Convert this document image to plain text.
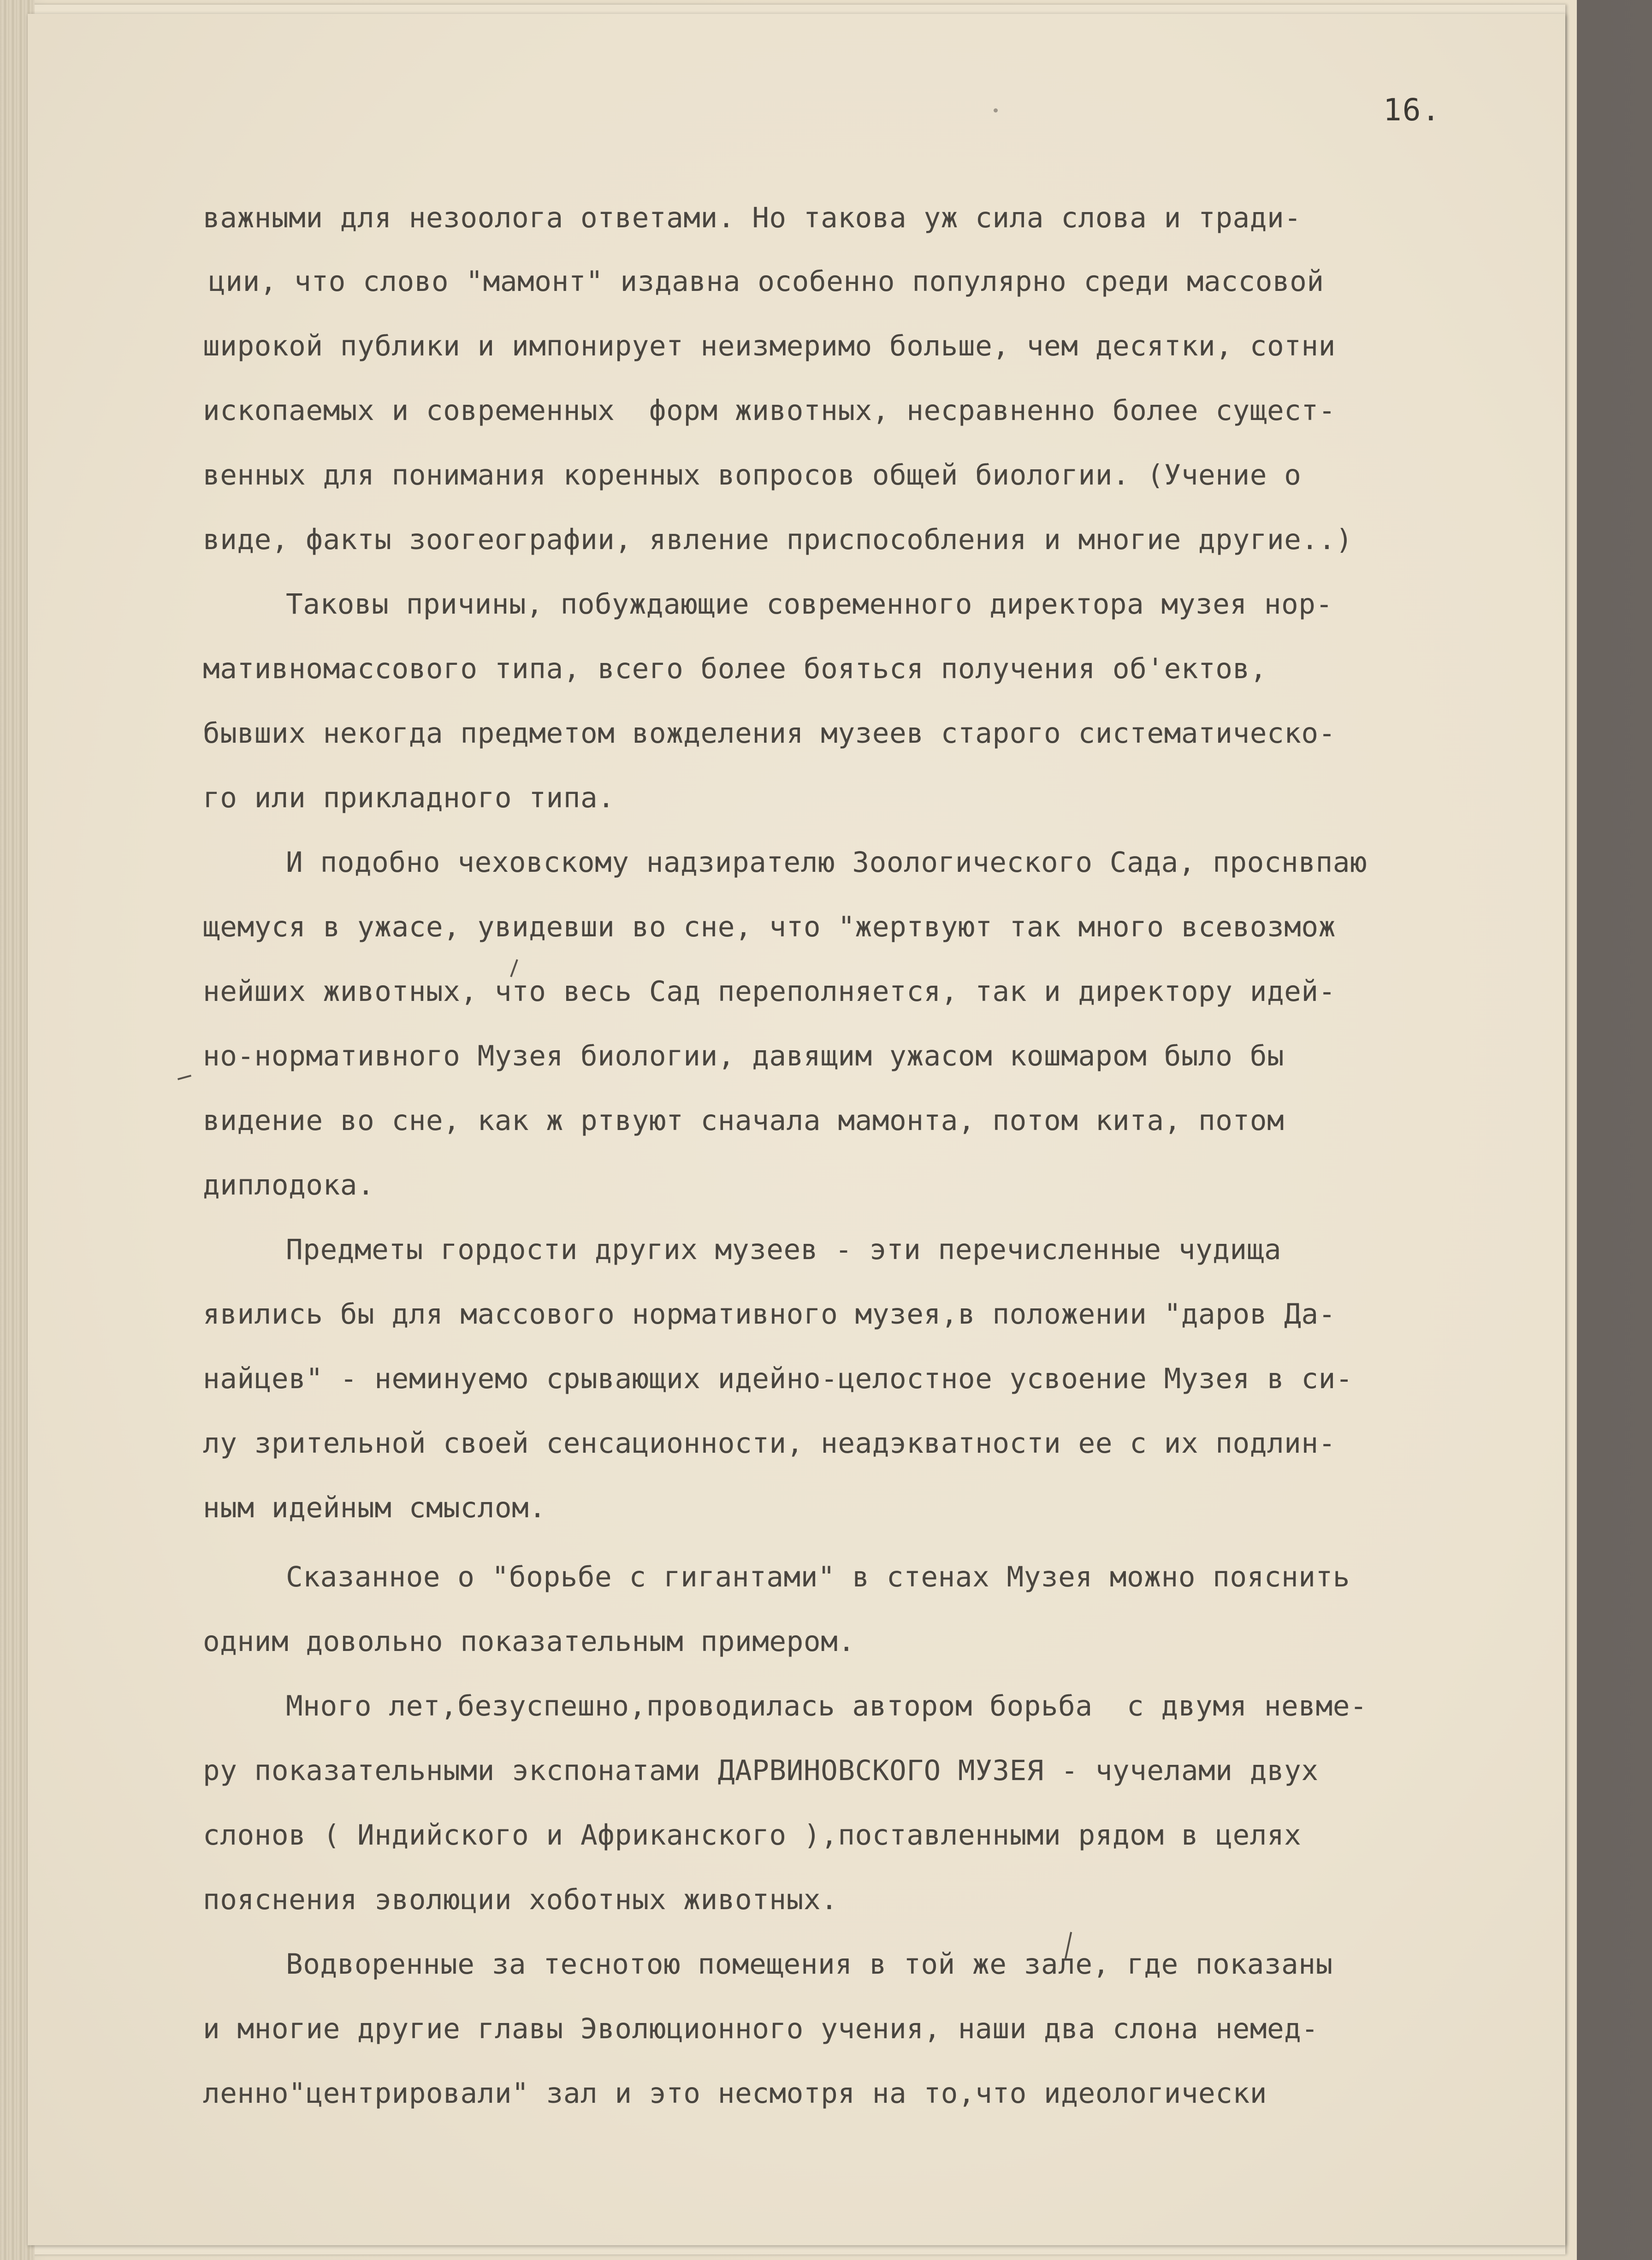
16.
важными для незоолога ответами. Но такова уж сила слова и тради-
ции, что слово "мамонт" издавна особенно популярно среди массовой
широкой публики и импонирует неизмеримо больше, чем десятки, сотни
ископаемых и современных  форм животных, несравненно более сущест-
венных для понимания коренных вопросов общей биологии. (Учение о
виде, факты зоогеографии, явление приспособления и многие другие..)
Таковы причины, побуждающие современного директора музея нор-
мативномассового типа, всего более бояться получения об'ектов,
бывших некогда предметом вожделения музеев старого систематическо-
го или прикладного типа.
И подобно чеховскому надзирателю Зоологического Сада, проснвпаю
щемуся в ужасе, увидевши во сне, что "жертвуют так много всевозмож
нейших животных, что весь Сад переполняется, так и директору идей-
но-нормативного Музея биологии, давящим ужасом кошмаром было бы
видение во сне, как ж ртвуют сначала мамонта, потом кита, потом
диплодока.
Предметы гордости других музеев - эти перечисленные чудища
явились бы для массового нормативного музея,в положении "даров Да-
найцев" - неминуемо срывающих идейно-целостное усвоение Музея в си-
лу зрительной своей сенсационности, неадэкватности ее с их подлин-
ным идейным смыслом.
Сказанное о "борьбе с гигантами" в стенах Музея можно пояснить
одним довольно показательным примером.
Много лет,безуспешно,проводилась автором борьба  с двумя невме-
ру показательными экспонатами ДАРВИНОВСКОГО МУЗЕЯ - чучелами двух
слонов ( Индийского и Африканского ),поставленными рядом в целях
пояснения эволюции хоботных животных.
Водворенные за теснотою помещения в той же зале, где показаны
и многие другие главы Эволюционного учения, наши два слона немед-
ленно"центрировали" зал и это несмотря на то,что идеологически
